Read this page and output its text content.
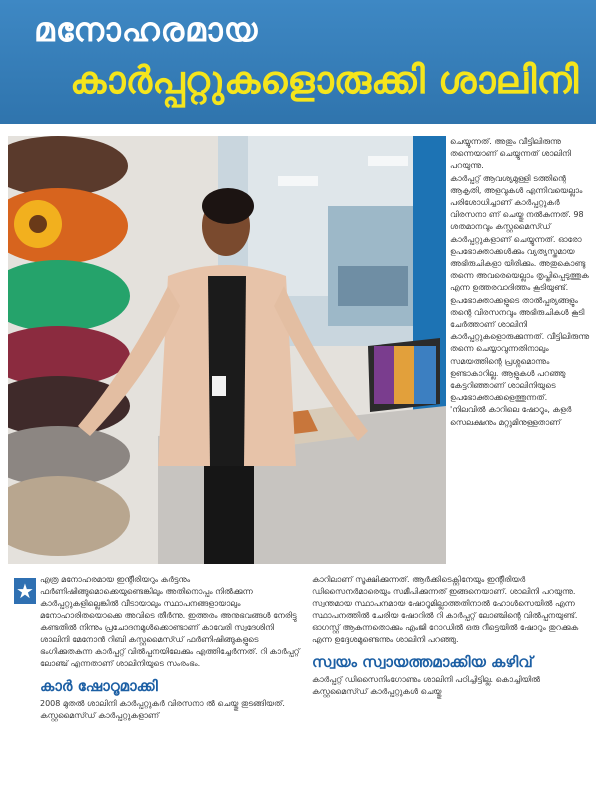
മനോഹരമായ
കാർപ്പറ്റുകളൊരുക്കി ശാലിനി

ചെയ്യുന്നത്. അതും വീട്ടിലിരുന്നു തന്നെയാണ് ചെയ്യുന്നത് ശാലിനി പറയുന്നു.

കാർപ്പറ്റ് ആവശ്യമുള്ളി ടത്തിന്റെ ആകൃതി, അളവുകൾ എന്നിവയെല്ലാം പരിശോധിച്ചാണ് കാർപ്പറ്റുകർ വിരസനാ ണ് ചെയ്തു നൽകുന്നത്. 98 ശതമാനവും കസ്റ്റമൈസ്ഡ് കാർപ്പറ്റുകളാണ് ചെയ്യുന്നത്. ഓരോ ഉപഭോക്താക്കൾക്കും വ്യത്യസ്തമായ അഭിരുചികളാ യിരിക്കും. അതുകൊണ്ടു തന്നെ അവരെയെല്ലാം തൃപ്തിപ്പെടുത്തുക എന്ന ഉത്തരവാദിത്തം കൂടിയുണ്ട്. ഉപഭോക്താക്കളുടെ താൽപ്പര്യങ്ങളും തന്റെ വിരസനവും അഭിരുചികൾ കൂടി ചേർത്താണ് ശാലിനി കാർപ്പറ്റുകളൊരുക്കുന്നത്. വീട്ടിലിരുന്നു തന്നെ ചെയ്യാവുന്നതിനാലും സമയത്തിന്റെ പ്രശ്നമൊന്നും ഉണ്ടാകാറില്ല. ആളുകൾ പറഞ്ഞു കേട്ടറിഞ്ഞാണ് ശാലിനിയുടെ ഉപഭോക്താക്കളെത്തുന്നത്.

'നിലവിൽ കാറിലെ ഷോറൂം, കളർ സെലക്ഷനും മറ്റുമിനുള്ളതാണ്

★ എത്ര മനോഹരമായ ഇന്റീരിയറും കർട്ടനും ഫർണിഷിങ്ങുമൊക്കെയുണ്ടെങ്കിലും അതിനൊപ്പം നിൽക്കുന്ന കാർപ്പറ്റുകളില്ലെങ്കിൽ വീടായാലും സ്ഥാപനങ്ങളായാലും മനോഹാരിതയൊക്കെ അവിടെ തീർന്നു. ഇത്തരം അനുഭവങ്ങൾ നേരിട്ടു കണ്ടതിൽ നിന്നും പ്രചോദനമുൾക്കൊണ്ടാണ് കാവേരി സ്വദേശിനി ശാലിനി മേനോൻ റിബി കസ്റ്റമൈസ്ഡ് ഫർണിഷിങ്ങുകളുടെ ഭംഗിക്കുതകുന്ന കാർപ്പറ്റ് വിൽപ്പനയിലേക്കും എത്തിച്ചേർന്നത്. റി കാർപ്പറ്റ് ലോഞ്ച് എന്നതാണ് ശാലിനിയുടെ സംരംഭം.

കാർ ഷോറൂമാക്കി

2008 മുതൽ ശാലിനി കാർപ്പറ്റുകർ വിരസനാ ൽ ചെയ്തു തുടങ്ങിയത്. കസ്റ്റമൈസ്ഡ് കാർപ്പറ്റുകളാണ്

കാറിലാണ് സൂക്ഷിക്കുന്നത്. ആർക്കിടെക്റ്റിനേയും ഇന്റീരിയർ ഡിസൈനർമാരെയും സമീപിക്കുന്നത് ഇങ്ങനെയാണ്. ശാലിനി പറയുന്നു. സ്വന്തമായ സ്ഥാപനമായ ഷോറൂമില്ലാത്തതിനാൽ ഹോൾസെയിൽ എന്ന സ്ഥാപനത്തിൽ ചേരിയ ഷോറിൽ റി കാർപ്പറ്റ് ലോഞ്ചിന്റെ വിൽപ്പനയുണ്ട്. ഓഗസ്റ്റ് ആകുന്നതൊക്കും എംജി റോഡിൽ ഒരു റീട്ടെയിൽ ഷോറും തുറക്കുക എന്ന ഉദ്ദേശമുണ്ടെന്നും ശാലിനി പറഞ്ഞു.

സ്വയം സ്വായത്തമാക്കിയ കഴിവ്

കാർപ്പറ്റ് ഡിസൈനിംഗോണും ശാലിനി പഠിച്ചിട്ടില്ല. കൊച്ചിയിൽ കസ്റ്റമൈസ്ഡ് കാർപ്പറ്റുകൾ ചെയ്തു
